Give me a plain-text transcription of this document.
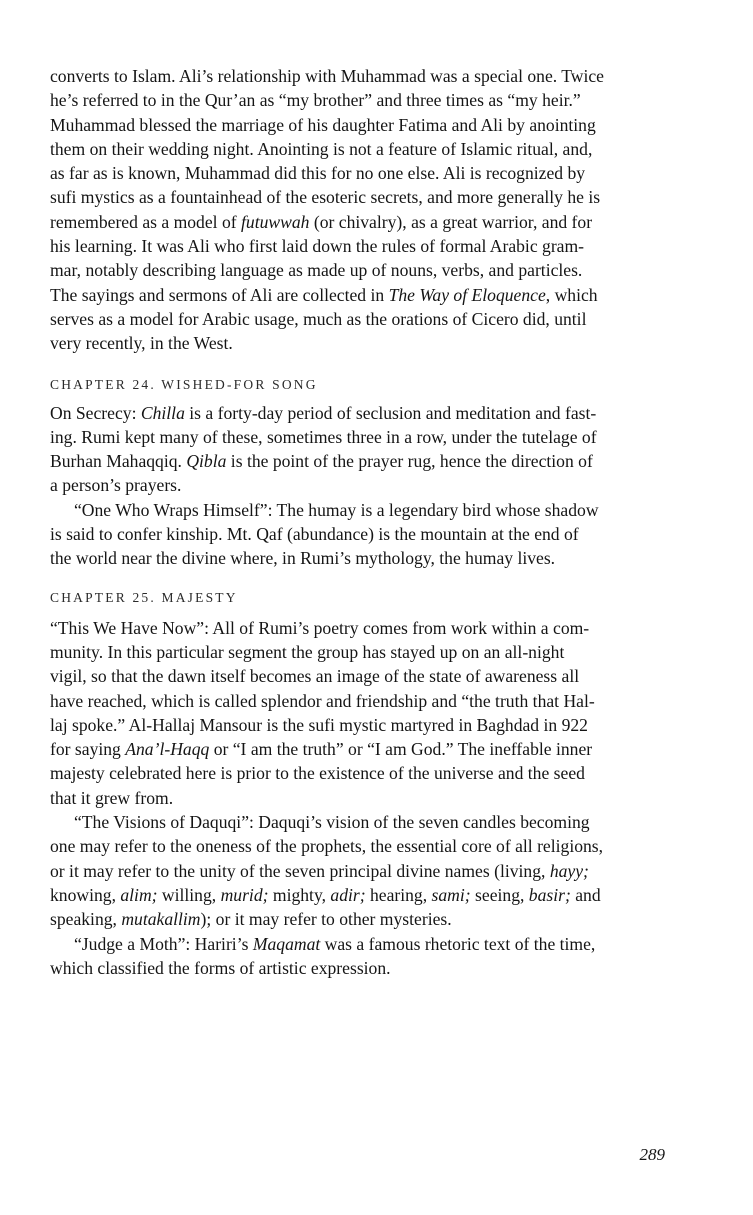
converts to Islam. Ali’s relationship with Muhammad was a special one. Twice
he’s referred to in the Qur’an as “my brother” and three times as “my heir.”
Muhammad blessed the marriage of his daughter Fatima and Ali by anointing
them on their wedding night. Anointing is not a feature of Islamic ritual, and,
as far as is known, Muhammad did this for no one else. Ali is recognized by
sufi mystics as a fountainhead of the esoteric secrets, and more generally he is
remembered as a model of futuwwah (or chivalry), as a great warrior, and for
his learning. It was Ali who first laid down the rules of formal Arabic gram-
mar, notably describing language as made up of nouns, verbs, and particles.
The sayings and sermons of Ali are collected in The Way of Eloquence, which
serves as a model for Arabic usage, much as the orations of Cicero did, until
very recently, in the West.
CHAPTER 24. WISHED-FOR SONG
On Secrecy: Chilla is a forty-day period of seclusion and meditation and fast-
ing. Rumi kept many of these, sometimes three in a row, under the tutelage of
Burhan Mahaqqiq. Qibla is the point of the prayer rug, hence the direction of
a person’s prayers.
“One Who Wraps Himself”: The humay is a legendary bird whose shadow
is said to confer kinship. Mt. Qaf (abundance) is the mountain at the end of
the world near the divine where, in Rumi’s mythology, the humay lives.
CHAPTER 25. MAJESTY
“This We Have Now”: All of Rumi’s poetry comes from work within a com-
munity. In this particular segment the group has stayed up on an all-night
vigil, so that the dawn itself becomes an image of the state of awareness all
have reached, which is called splendor and friendship and “the truth that Hal-
laj spoke.” Al-Hallaj Mansour is the sufi mystic martyred in Baghdad in 922
for saying Ana’l-Haqq or “I am the truth” or “I am God.” The ineffable inner
majesty celebrated here is prior to the existence of the universe and the seed
that it grew from.
“The Visions of Daquqi”: Daquqi’s vision of the seven candles becoming
one may refer to the oneness of the prophets, the essential core of all religions,
or it may refer to the unity of the seven principal divine names (living, hayy;
knowing, alim; willing, murid; mighty, adir; hearing, sami; seeing, basir; and
speaking, mutakallim); or it may refer to other mysteries.
“Judge a Moth”: Hariri’s Maqamat was a famous rhetoric text of the time,
which classified the forms of artistic expression.
289
